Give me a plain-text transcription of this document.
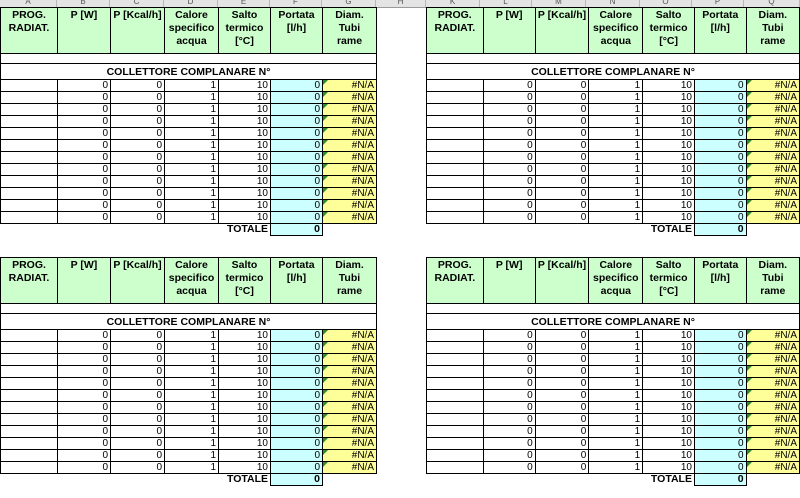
A	B	C	D	E	F	G	H	K	L	M	N	O	P	Q
PROG. RADIAT.	P [W]	P [Kcal/h]	Calore specifico acqua	Salto termico [°C]	Portata [l/h]	Diam. Tubi rame

COLLETTORE COMPLANARE N°						
	0	0	1	10	0	#N/A
	0	0	1	10	0	#N/A
	0	0	1	10	0	#N/A
	0	0	1	10	0	#N/A
	0	0	1	10	0	#N/A
	0	0	1	10	0	#N/A
	0	0	1	10	0	#N/A
	0	0	1	10	0	#N/A
	0	0	1	10	0	#N/A
	0	0	1	10	0	#N/A
	0	0	1	10	0	#N/A
	0	0	1	10	0	#N/A
TOTALE					0	
PROG. RADIAT.	P [W]	P [Kcal/h]	Calore specifico acqua	Salto termico [°C]	Portata [l/h]	Diam. Tubi rame

COLLETTORE COMPLANARE N°						
	0	0	1	10	0	#N/A
	0	0	1	10	0	#N/A
	0	0	1	10	0	#N/A
	0	0	1	10	0	#N/A
	0	0	1	10	0	#N/A
	0	0	1	10	0	#N/A
	0	0	1	10	0	#N/A
	0	0	1	10	0	#N/A
	0	0	1	10	0	#N/A
	0	0	1	10	0	#N/A
	0	0	1	10	0	#N/A
	0	0	1	10	0	#N/A
TOTALE					0	
PROG. RADIAT.	P [W]	P [Kcal/h]	Calore specifico acqua	Salto termico [°C]	Portata [l/h]	Diam. Tubi rame

COLLETTORE COMPLANARE N°						
	0	0	1	10	0	#N/A
	0	0	1	10	0	#N/A
	0	0	1	10	0	#N/A
	0	0	1	10	0	#N/A
	0	0	1	10	0	#N/A
	0	0	1	10	0	#N/A
	0	0	1	10	0	#N/A
	0	0	1	10	0	#N/A
	0	0	1	10	0	#N/A
	0	0	1	10	0	#N/A
	0	0	1	10	0	#N/A
	0	0	1	10	0	#N/A
TOTALE					0	
PROG. RADIAT.	P [W]	P [Kcal/h]	Calore specifico acqua	Salto termico [°C]	Portata [l/h]	Diam. Tubi rame

COLLETTORE COMPLANARE N°						
	0	0	1	10	0	#N/A
	0	0	1	10	0	#N/A
	0	0	1	10	0	#N/A
	0	0	1	10	0	#N/A
	0	0	1	10	0	#N/A
	0	0	1	10	0	#N/A
	0	0	1	10	0	#N/A
	0	0	1	10	0	#N/A
	0	0	1	10	0	#N/A
	0	0	1	10	0	#N/A
	0	0	1	10	0	#N/A
	0	0	1	10	0	#N/A
TOTALE					0	
